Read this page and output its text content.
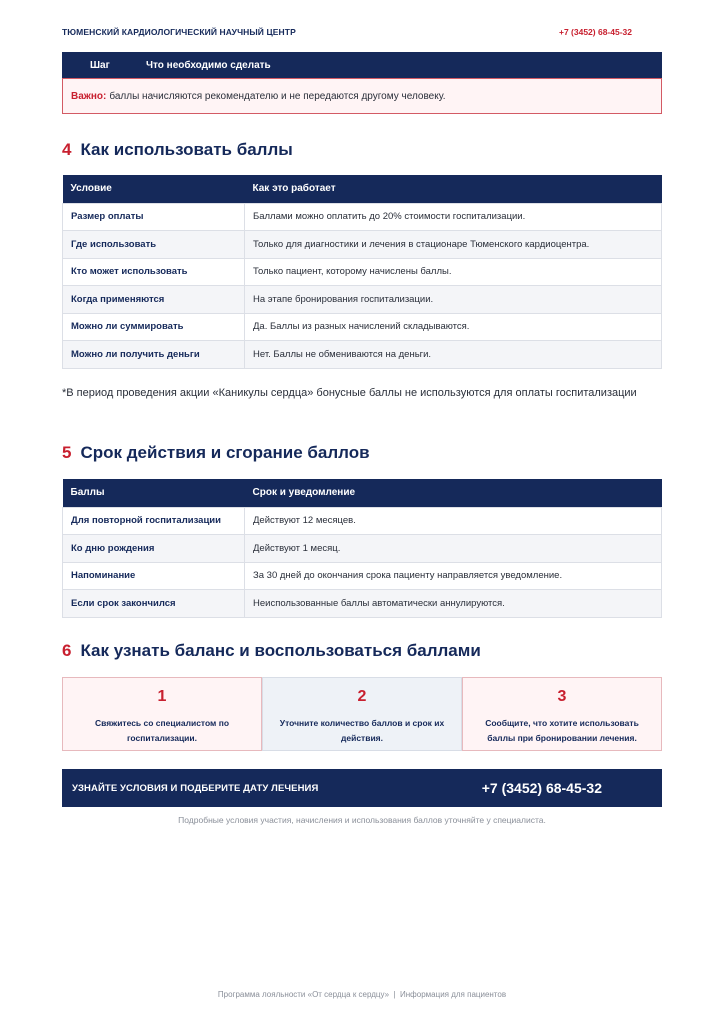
ТЮМЕНСКИЙ КАРДИОЛОГИЧЕСКИЙ НАУЧНЫЙ ЦЕНТР	+7 (3452) 68-45-32
Шаг	Что необходимо сделать
Важно: баллы начисляются рекомендателю и не передаются другому человеку.
4 Как использовать баллы
Условие	Как это работает
Размер оплаты	Баллами можно оплатить до 20% стоимости госпитализации.
Где использовать	Только для диагностики и лечения в стационаре Тюменского кардиоцентра.
Кто может использовать	Только пациент, которому начислены баллы.
Когда применяются	На этапе бронирования госпитализации.
Можно ли суммировать	Да. Баллы из разных начислений складываются.
Можно ли получить деньги	Нет. Баллы не обмениваются на деньги.
*В период проведения акции «Каникулы сердца» бонусные баллы не используются для оплаты госпитализации
5 Срок действия и сгорание баллов
Баллы	Срок и уведомление
Для повторной госпитализации	Действуют 12 месяцев.
Ко дню рождения	Действуют 1 месяц.
Напоминание	За 30 дней до окончания срока пациенту направляется уведомление.
Если срок закончился	Неиспользованные баллы автоматически аннулируются.
6 Как узнать баланс и воспользоваться баллами
1
Свяжитесь со специалистом по госпитализации.
2
Уточните количество баллов и срок их действия.
3
Сообщите, что хотите использовать баллы при бронировании лечения.
УЗНАЙТЕ УСЛОВИЯ И ПОДБЕРИТЕ ДАТУ ЛЕЧЕНИЯ	+7 (3452) 68-45-32
Подробные условия участия, начисления и использования баллов уточняйте у специалиста.
Программа лояльности «От сердца к сердцу»  |  Информация для пациентов
